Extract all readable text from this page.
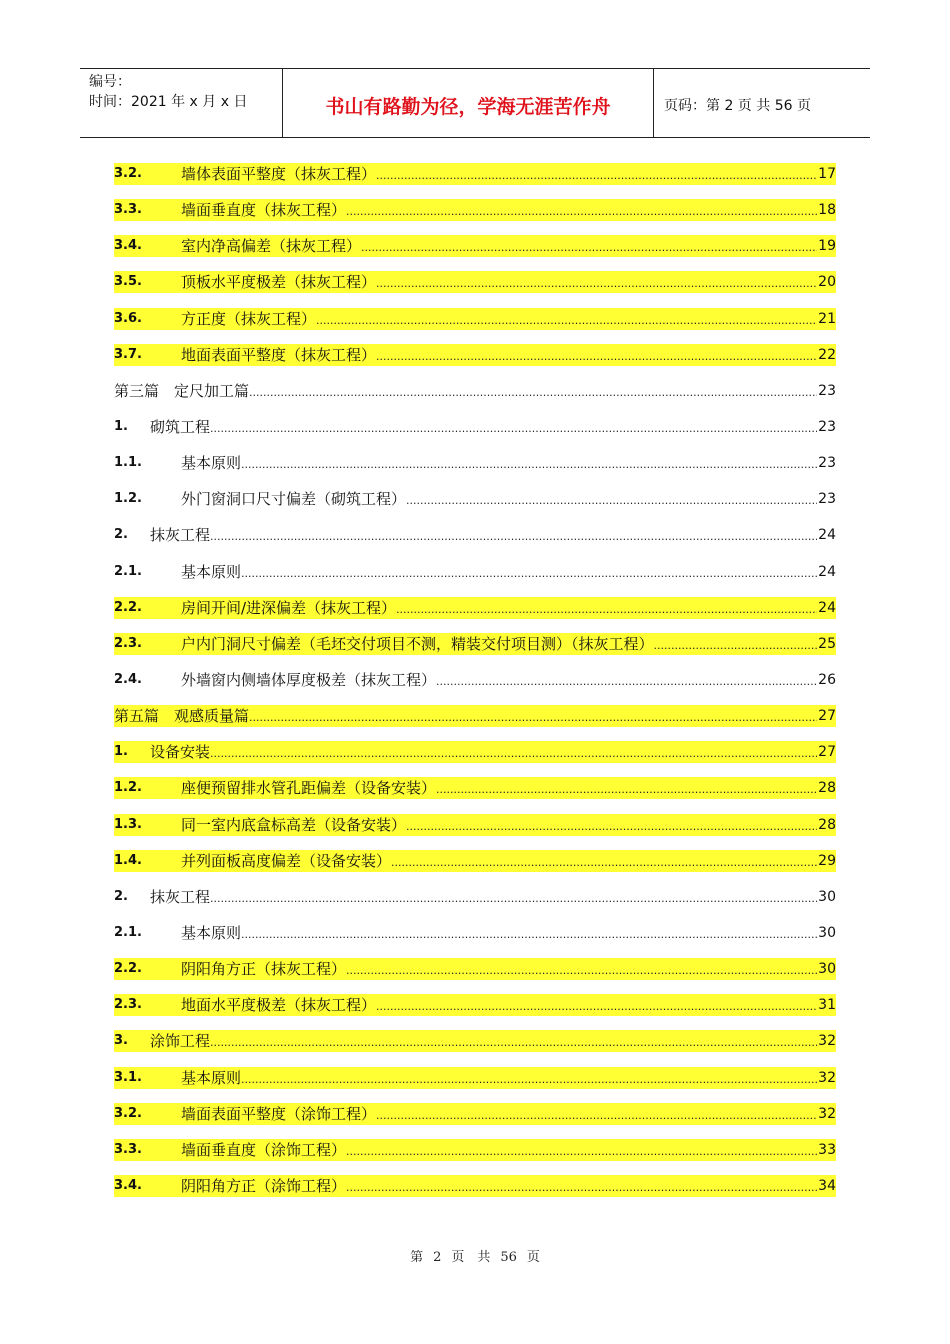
编号：
时间：2021 年 x 月 x 日	书山有路勤为径，学海无涯苦作舟	页码：第 2 页 共 56 页
3.2.	墙体表面平整度（抹灰工程） .....	17
3.3.	墙面垂直度（抹灰工程） .....	18
3.4.	室内净高偏差（抹灰工程） .....	19
3.5.	顶板水平度极差（抹灰工程） .....	20
3.6.	方正度（抹灰工程） .....	21
3.7.	地面表面平整度（抹灰工程） .....	22
第三篇　定尺加工篇 .....	23
1.	砌筑工程 .....	23
1.1.	基本原则 .....	23
1.2.	外门窗洞口尺寸偏差（砌筑工程） .....	23
2.	抹灰工程 .....	24
2.1.	基本原则 .....	24
2.2.	房间开间/进深偏差（抹灰工程） .....	24
2.3.	户内门洞尺寸偏差（毛坯交付项目不测，精装交付项目测）（抹灰工程） .....	25
2.4.	外墙窗内侧墙体厚度极差（抹灰工程） .....	26
第五篇　观感质量篇 .....	27
1.	设备安装 .....	27
1.2.	座便预留排水管孔距偏差（设备安装） .....	28
1.3.	同一室内底盒标高差（设备安装） .....	28
1.4.	并列面板高度偏差（设备安装） .....	29
2.	抹灰工程 .....	30
2.1.	基本原则 .....	30
2.2.	阴阳角方正（抹灰工程） .....	30
2.3.	地面水平度极差（抹灰工程） .....	31
3.	涂饰工程 .....	32
3.1.	基本原则 .....	32
3.2.	墙面表面平整度（涂饰工程） .....	32
3.3.	墙面垂直度（涂饰工程） .....	33
3.4.	阴阳角方正（涂饰工程） .....	34
第 2 页　共 56 页
